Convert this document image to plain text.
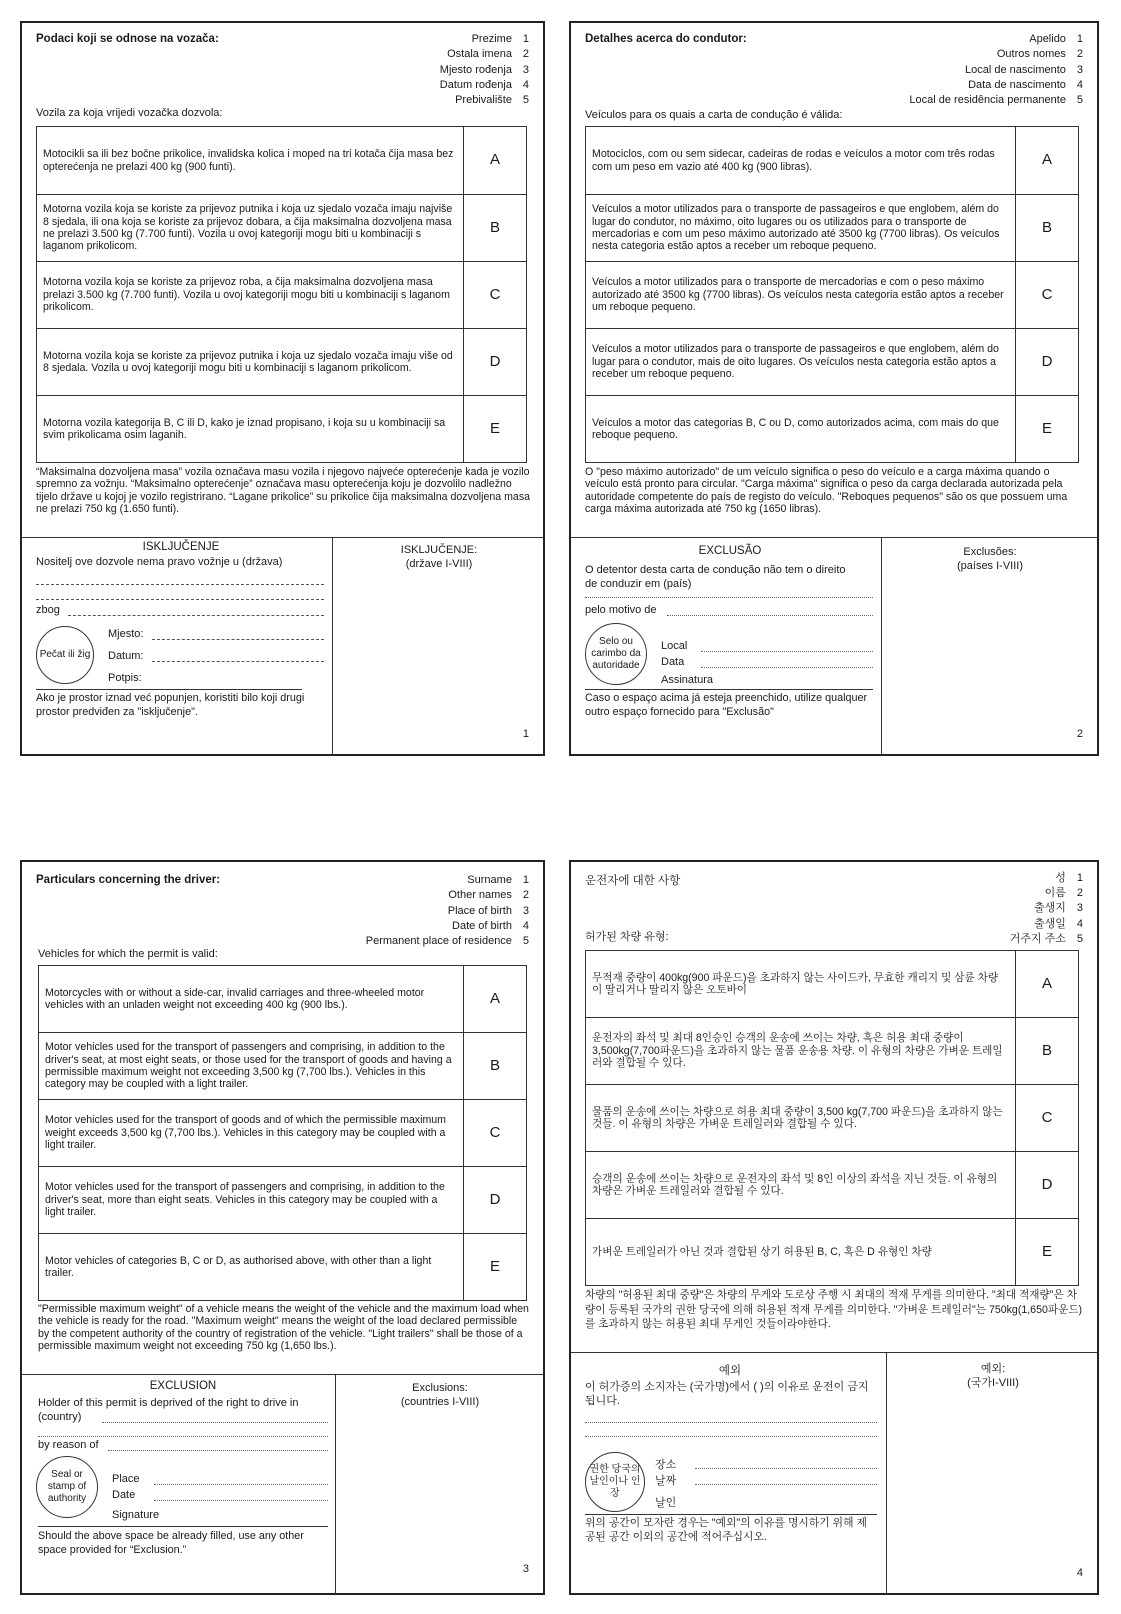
Podaci koji se odnose na vozača:	Prezime 1
Ostala imena 2
Mjesto rođenja 3
Datum rođenja 4
Prebivalište 5
Vozila za koja vrijedi vozačka dozvola:
Motocikli sa ili bez bočne prikolice, invalidska kolica i moped na tri kotača čija masa bez opterećenja ne prelazi 400 kg (900 funti).	A
Motorna vozila koja se koriste za prijevoz putnika i koja uz sjedalo vozača imaju najviše 8 sjedala, ili ona koja se koriste za prijevoz dobara, a čija maksimalna dozvoljena masa ne prelazi 3.500 kg (7.700 funti). Vozila u ovoj kategoriji mogu biti u kombinaciji s laganom prikolicom.	B
Motorna vozila koja se koriste za prijevoz roba, a čija maksimalna dozvoljena masa prelazi 3.500 kg (7.700 funti). Vozila u ovoj kategoriji mogu biti u kombinaciji s laganom prikolicom.	C
Motorna vozila koja se koriste za prijevoz putnika i koja uz sjedalo vozača imaju više od 8 sjedala. Vozila u ovoj kategoriji mogu biti u kombinaciji s laganom prikolicom.	D
Motorna vozila kategorija B, C ili D, kako je iznad propisano, i koja su u kombinaciji sa svim prikolicama osim laganih.	E
“Maksimalna dozvoljena masa” vozila označava masu vozila i njegovo najveće opterećenje kada je vozilo spremno za vožnju. “Maksimalno opterećenje” označava masu opterećenja koju je dozvolilo nadležno tijelo države u kojoj je vozilo registrirano. “Lagane prikolice” su prikolice čija maksimalna dozvoljena masa ne prelazi 750 kg (1.650 funti).
ISKLJUČENJE
Nositelj ove dozvole nema pravo vožnje u (država)
zbog
Pečat ili žig
Mjesto:
Datum:
Potpis:
Ako je prostor iznad već popunjen, koristiti bilo koji drugi prostor predviđen za "isključenje".
ISKLJUČENJE:
(države I-VIII)
1
Detalhes acerca do condutor:	Apelido 1
Outros nomes 2
Local de nascimento 3
Data de nascimento 4
Local de residência permanente 5
Veículos para os quais a carta de condução é válida:
Motociclos, com ou sem sidecar, cadeiras de rodas e veículos a motor com três rodas com um peso em vazio até 400 kg (900 libras).	A
Veículos a motor utilizados para o transporte de passageiros e que englobem, além do lugar do condutor, no máximo, oito lugares ou os utilizados para o transporte de mercadorias e com um peso máximo autorizado até 3500 kg (7700 libras). Os veículos nesta categoria estão aptos a receber um reboque pequeno.	B
Veículos a motor utilizados para o transporte de mercadorias e com o peso máximo autorizado até 3500 kg (7700 libras). Os veículos nesta categoria estão aptos a receber um reboque pequeno.	C
Veículos a motor utilizados para o transporte de passageiros e que englobem, além do lugar para o condutor, mais de oito lugares. Os veículos nesta categoria estão aptos a receber um reboque pequeno.	D
Veículos a motor das categorias B, C ou D, como autorizados acima, com mais do que reboque pequeno.	E
O "peso máximo autorizado" de um veículo significa o peso do veículo e a carga máxima quando o veículo está pronto para circular. "Carga máxima" significa o peso da carga declarada autorizada pela autoridade competente do país de registo do veículo. "Reboques pequenos" são os que possuem uma carga máxima autorizada até 750 kg (1650 libras).
EXCLUSÃO
O detentor desta carta de condução não tem o direito de conduzir em (país)
pelo motivo de
Selo ou carimbo da autoridade
Local
Data
Assinatura
Caso o espaço acima já esteja preenchido, utilize qualquer outro espaço fornecido para "Exclusão"
Exclusões:
(países I-VIII)
2
Particulars concerning the driver:	Surname 1
Other names 2
Place of birth 3
Date of birth 4
Permanent place of residence 5
Vehicles for which the permit is valid:
Motorcycles with or without a side-car, invalid carriages and three-wheeled motor vehicles with an unladen weight not exceeding 400 kg (900 lbs.).	A
Motor vehicles used for the transport of passengers and comprising, in addition to the driver's seat, at most eight seats, or those used for the transport of goods and having a permissible maximum weight not exceeding 3,500 kg (7,700 lbs.). Vehicles in this category may be coupled with a light trailer.	B
Motor vehicles used for the transport of goods and of which the permissible maximum weight exceeds 3,500 kg (7,700 lbs.). Vehicles in this category may be coupled with a light trailer.	C
Motor vehicles used for the transport of passengers and comprising, in addition to the driver's seat, more than eight seats. Vehicles in this category may be coupled with a light trailer.	D
Motor vehicles of categories B, C or D, as authorised above, with other than a light trailer.	E
"Permissible maximum weight" of a vehicle means the weight of the vehicle and the maximum load when the vehicle is ready for the road. "Maximum weight" means the weight of the load declared permissible by the competent authority of the country of registration of the vehicle. "Light trailers" shall be those of a permissible maximum weight not exceeding 750 kg (1,650 lbs.).
EXCLUSION
Holder of this permit is deprived of the right to drive in (country)
by reason of
Seal or stamp of authority
Place
Date
Signature
Should the above space be already filled, use any other space provided for “Exclusion.”
Exclusions:
(countries I-VIII)
3
운전자에 대한 사항	성 1
이름 2
출생지 3
출생일 4
거주지 주소 5
허가된 차량 유형:
무적재 중량이 400kg(900 파운드)을 초과하지 않는 사이드카, 무효한 캐리지 및 삼륜 차량이 딸리거나 딸리지 않은 오토바이	A
운전자의 좌석 및 최대 8인승인 승객의 운송에 쓰이는 차량, 혹은 허용 최대 중량이 3,500kg(7,700파운드)을 초과하지 않는 물품 운송용 차량. 이 유형의 차량은 가벼운 트레일러와 결합될 수 있다.	B
물품의 운송에 쓰이는 차량으로 허용 최대 중량이 3,500 kg(7,700 파운드)을 초과하지 않는 것들. 이 유형의 차량은 가벼운 트레일러와 결합될 수 있다.	C
승객의 운송에 쓰이는 차량으로 운전자의 좌석 및 8인 이상의 좌석을 지닌 것들. 이 유형의 차량은 가벼운 트레일러와 결합될 수 있다.	D
가벼운 트레일러가 아닌 것과 결합된 상기 허용된 B, C, 혹은 D 유형인 차량	E
차량의 "허용된 최대 중량"은 차량의 무게와 도로상 주행 시 최대의 적재 무게를 의미한다. "최대 적재량"은 차량이 등록된 국가의 권한 당국에 의해 허용된 적재 무게를 의미한다. "가벼운 트레일러"는 750kg(1,650파운드)를 초과하지 않는 허용된 최대 무게인 것들이라야한다.
예외
이 허가증의 소지자는 (국가명)에서 ( )의 이유로 운전이 금지됩니다.
권한 당국의 날인이나 인장
장소
날짜
날인
위의 공간이 모자란 경우는 "예외"의 이유를 명시하기 위해 제공된 공간 이외의 공간에 적어주십시오.
예외:
(국가I-VIII)
4
